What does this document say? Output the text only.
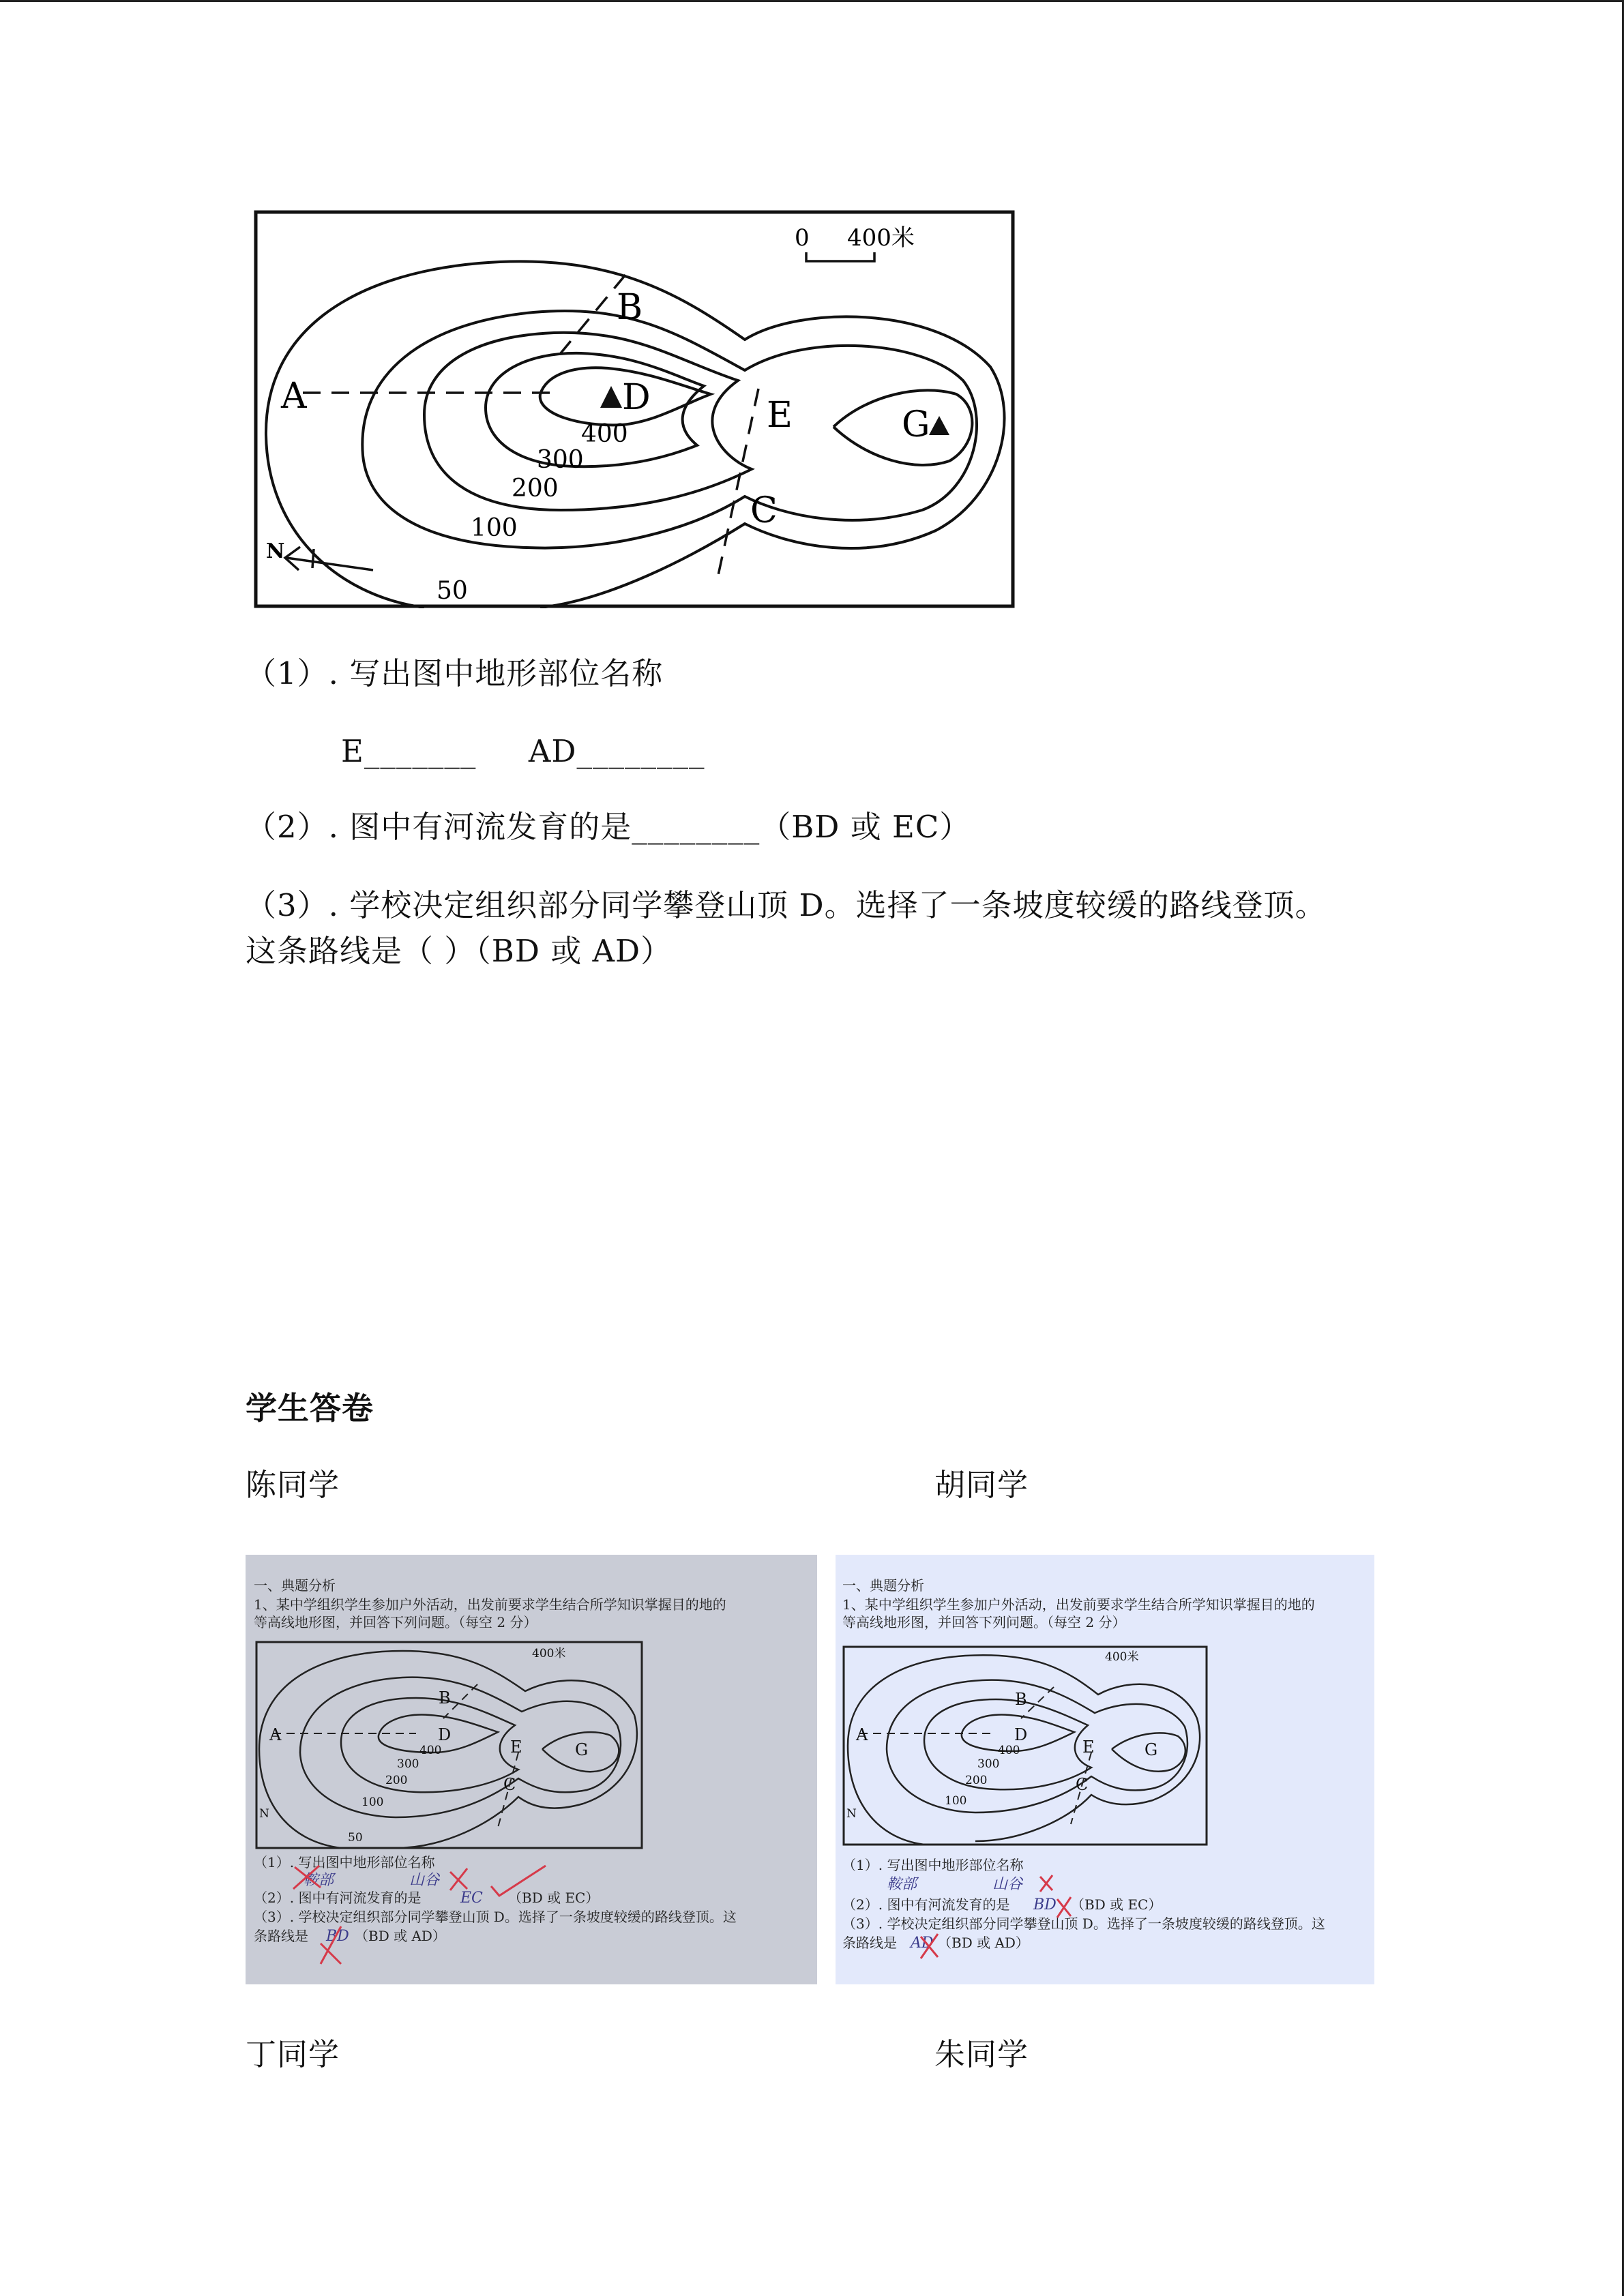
0 400米
A
B
D	E	G
C
N
400
300
200
100
50
（1）. 写出图中地形部位名称
E_______     AD________
（2）. 图中有河流发育的是________（BD 或 EC）
（3）. 学校决定组织部分同学攀登山顶 D。选择了一条坡度较缓的路线登顶。
这条路线是（ ）（BD 或 AD）
学生答卷
陈同学	胡同学
一、典题分析
1、某中学组织学生参加户外活动，出发前要求学生结合所学知识掌握目的地的
等高线地形图，并回答下列问题。（每空 2 分）
A
B
D
E	G
C
400米
400
300
200
100
50
N
（1）. 写出图中地形部位名称
（2）. 图中有河流发育的是	（BD 或 EC）
（3）. 学校决定组织部分同学攀登山顶 D。选择了一条坡度较缓的路线登顶。这
条路线是	（BD 或 AD）
鞍部	山谷
EC
BD
一、典题分析
1、某中学组织学生参加户外活动，出发前要求学生结合所学知识掌握目的地的
等高线地形图，并回答下列问题。（每空 2 分）
A
B
D
E	G
C
400米
400
300
200
100
N
（1）. 写出图中地形部位名称
（2）. 图中有河流发育的是	（BD 或 EC）
（3）. 学校决定组织部分同学攀登山顶 D。选择了一条坡度较缓的路线登顶。这
条路线是	（BD 或 AD）
鞍部	山谷
BD
AD
丁同学	朱同学
